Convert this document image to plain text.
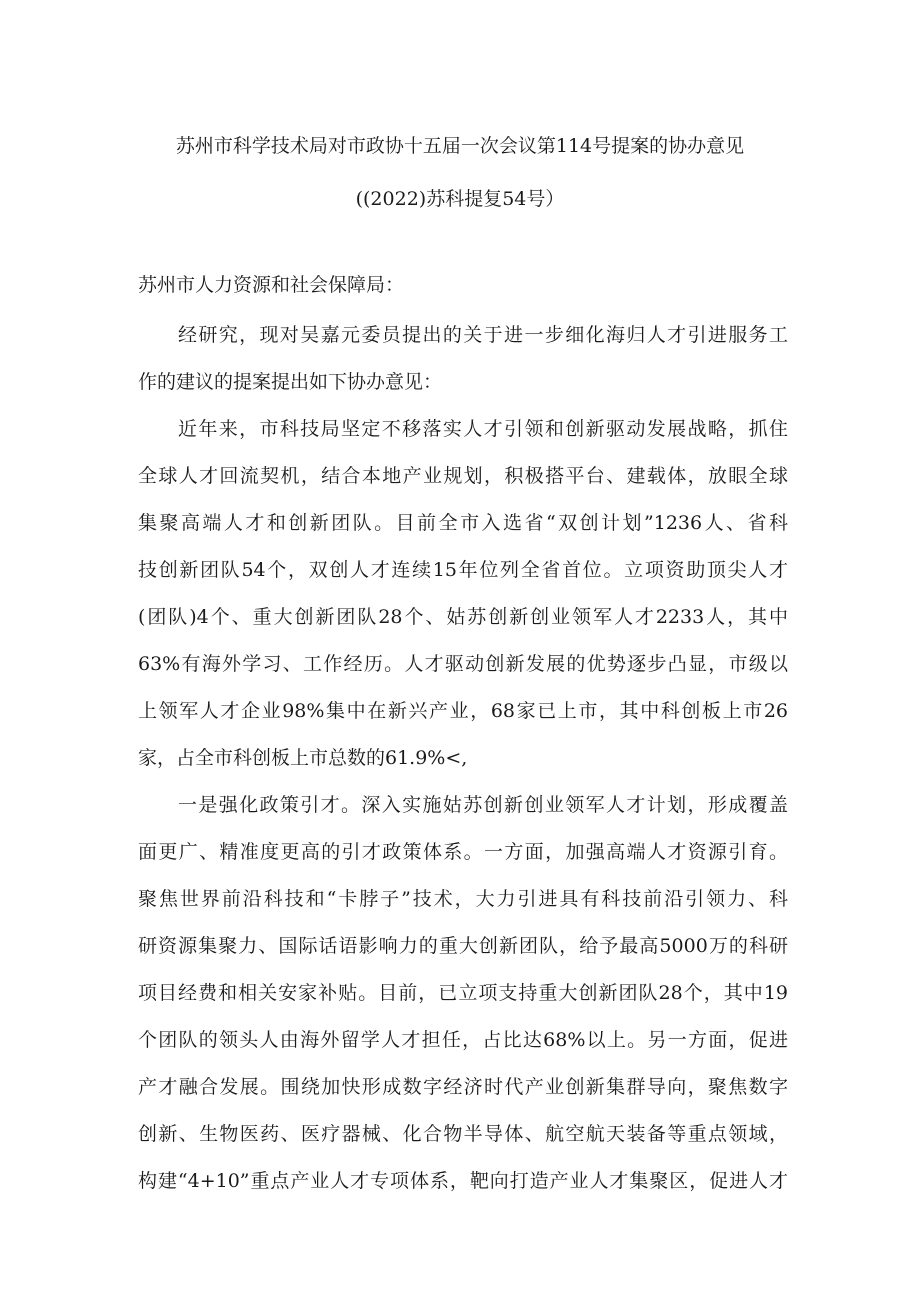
苏州市科学技术局对市政协十五届一次会议第114号提案的协办意见
((2022)苏科提复54号）
苏州市人力资源和社会保障局：
经研究，现对吴嘉元委员提出的关于进一步细化海归人才引进服务工
作的建议的提案提出如下协办意见：
近年来，市科技局坚定不移落实人才引领和创新驱动发展战略，抓住
全球人才回流契机，结合本地产业规划，积极搭平台、建载体，放眼全球
集聚高端人才和创新团队。目前全市入选省“双创计划”1236人、省科
技创新团队54个，双创人才连续15年位列全省首位。立项资助顶尖人才
(团队)4个、重大创新团队28个、姑苏创新创业领军人才2233人，其中
63%有海外学习、工作经历。人才驱动创新发展的优势逐步凸显，市级以
上领军人才企业98%集中在新兴产业，68家已上市，其中科创板上市26
家，占全市科创板上市总数的61.9%<,
一是强化政策引才。深入实施姑苏创新创业领军人才计划，形成覆盖
面更广、精准度更高的引才政策体系。一方面，加强高端人才资源引育。
聚焦世界前沿科技和“卡脖子”技术，大力引进具有科技前沿引领力、科
研资源集聚力、国际话语影响力的重大创新团队，给予最高5000万的科研
项目经费和相关安家补贴。目前，已立项支持重大创新团队28个，其中19
个团队的领头人由海外留学人才担任，占比达68%以上。另一方面，促进
产才融合发展。围绕加快形成数字经济时代产业创新集群导向，聚焦数字
创新、生物医药、医疗器械、化合物半导体、航空航天装备等重点领域，
构建“4+10”重点产业人才专项体系，靶向打造产业人才集聚区，促进人才
